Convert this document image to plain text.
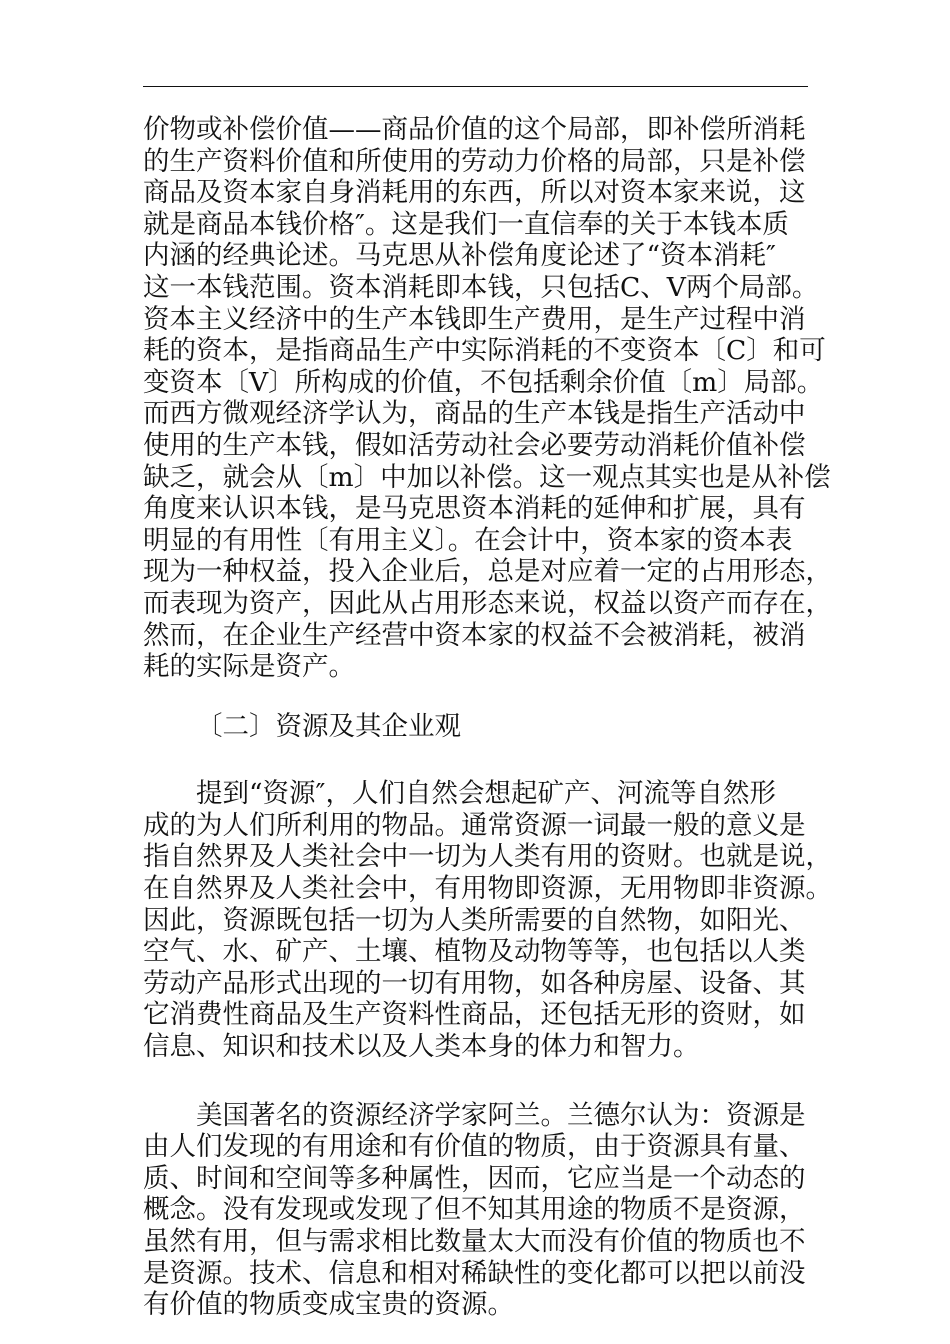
价物或补偿价值——商品价值的这个局部，即补偿所消耗
的生产资料价值和所使用的劳动力价格的局部，只是补偿
商品及资本家自身消耗用的东西，所以对资本家来说，这
就是商品本钱价格″。这是我们一直信奉的关于本钱本质
内涵的经典论述。马克思从补偿角度论述了“资本消耗″
这一本钱范围。资本消耗即本钱，只包括C、V两个局部。
资本主义经济中的生产本钱即生产费用，是生产过程中消
耗的资本，是指商品生产中实际消耗的不变资本〔C〕和可
变资本〔V〕所构成的价值，不包括剩余价值〔m〕局部。
而西方微观经济学认为，商品的生产本钱是指生产活动中
使用的生产本钱，假如活劳动社会必要劳动消耗价值补偿
缺乏，就会从〔m〕中加以补偿。这一观点其实也是从补偿
角度来认识本钱，是马克思资本消耗的延伸和扩展，具有
明显的有用性〔有用主义〕。在会计中，资本家的资本表
现为一种权益，投入企业后，总是对应着一定的占用形态，
而表现为资产，因此从占用形态来说，权益以资产而存在，
然而，在企业生产经营中资本家的权益不会被消耗，被消
耗的实际是资产。
〔二〕资源及其企业观
提到“资源″，人们自然会想起矿产、河流等自然形
成的为人们所利用的物品。通常资源一词最一般的意义是
指自然界及人类社会中一切为人类有用的资财。也就是说，
在自然界及人类社会中，有用物即资源，无用物即非资源。
因此，资源既包括一切为人类所需要的自然物，如阳光、
空气、水、矿产、土壤、植物及动物等等，也包括以人类
劳动产品形式出现的一切有用物，如各种房屋、设备、其
它消费性商品及生产资料性商品，还包括无形的资财，如
信息、知识和技术以及人类本身的体力和智力。
美国著名的资源经济学家阿兰。兰德尔认为：资源是
由人们发现的有用途和有价值的物质，由于资源具有量、
质、时间和空间等多种属性，因而，它应当是一个动态的
概念。没有发现或发现了但不知其用途的物质不是资源，
虽然有用，但与需求相比数量太大而没有价值的物质也不
是资源。技术、信息和相对稀缺性的变化都可以把以前没
有价值的物质变成宝贵的资源。
